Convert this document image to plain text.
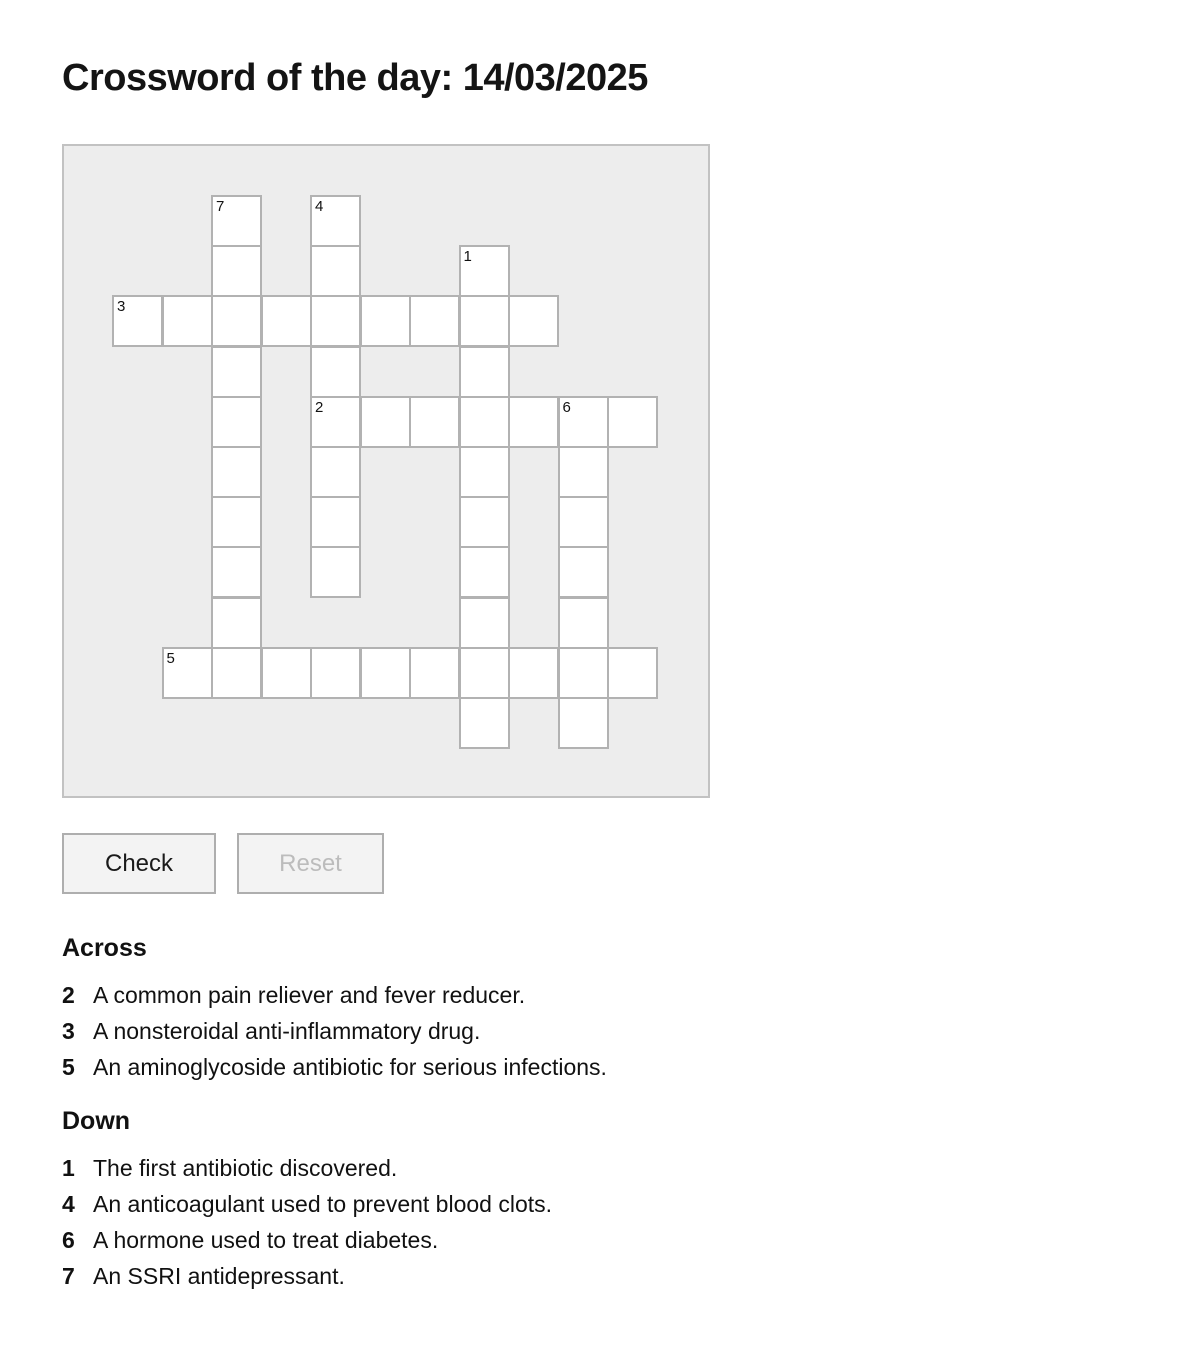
Crossword of the day: 14/03/2025
7	4
1
3
2	6
5
Check	Reset
Across
2 A common pain reliever and fever reducer.
3 A nonsteroidal anti-inflammatory drug.
5 An aminoglycoside antibiotic for serious infections.
Down
1 The first antibiotic discovered.
4 An anticoagulant used to prevent blood clots.
6 A hormone used to treat diabetes.
7 An SSRI antidepressant.
